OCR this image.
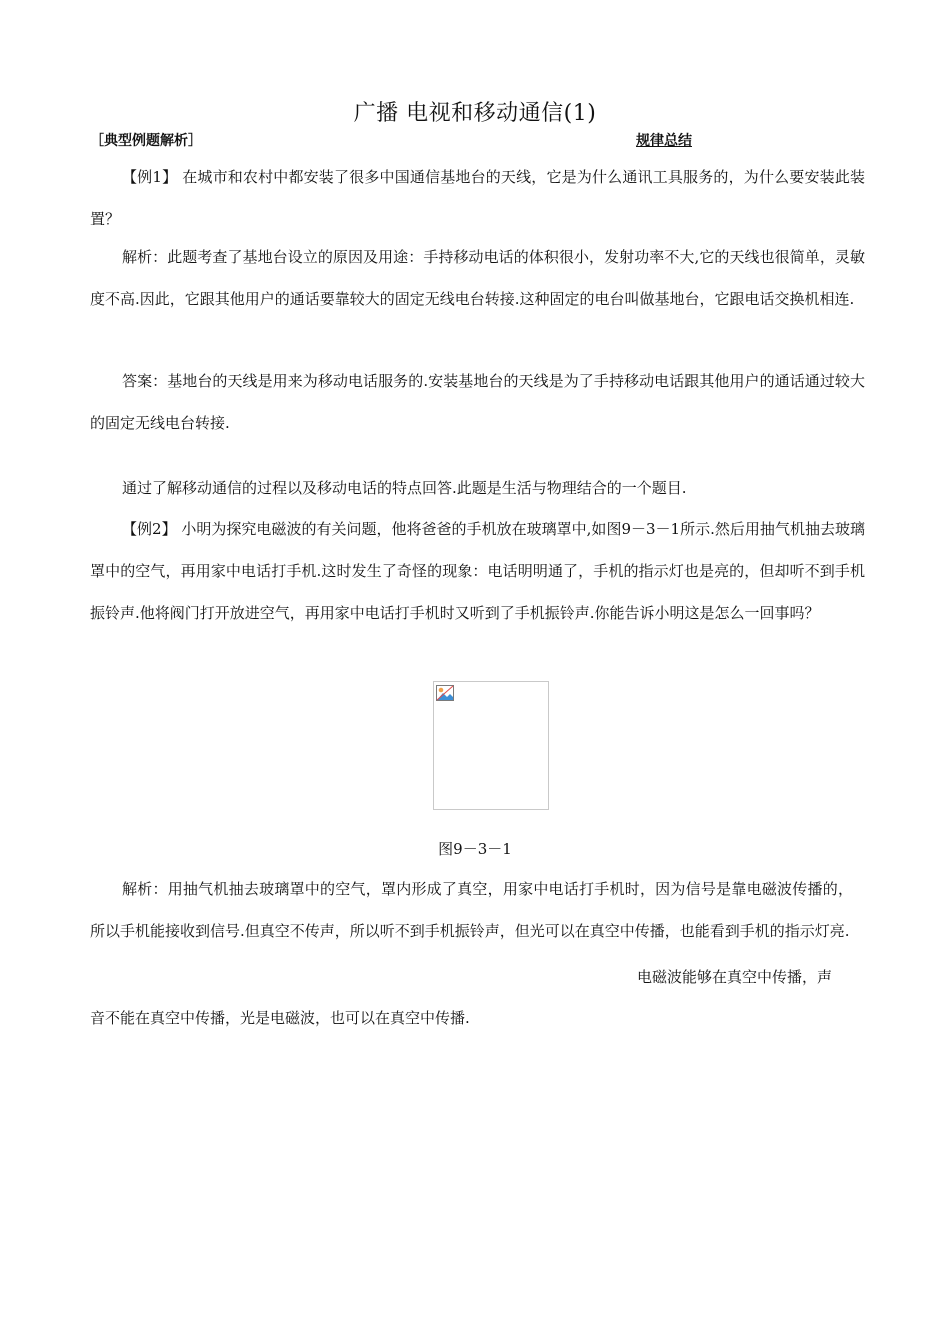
广播 电视和移动通信(1)
［典型例题解析］	规律总结
【例1】 在城市和农村中都安装了很多中国通信基地台的天线，它是为什么通讯工具服务的，为什么要安装此装置？
解析：此题考查了基地台设立的原因及用途：手持移动电话的体积很小，发射功率不大,它的天线也很简单，灵敏度不高.因此，它跟其他用户的通话要靠较大的固定无线电台转接.这种固定的电台叫做基地台，它跟电话交换机相连.
答案：基地台的天线是用来为移动电话服务的.安装基地台的天线是为了手持移动电话跟其他用户的通话通过较大的固定无线电台转接.
通过了解移动通信的过程以及移动电话的特点回答.此题是生活与物理结合的一个题目.
【例2】 小明为探究电磁波的有关问题，他将爸爸的手机放在玻璃罩中,如图9－3－1所示.然后用抽气机抽去玻璃罩中的空气，再用家中电话打手机.这时发生了奇怪的现象：电话明明通了，手机的指示灯也是亮的，但却听不到手机振铃声.他将阀门打开放进空气，再用家中电话打手机时又听到了手机振铃声.你能告诉小明这是怎么一回事吗？
图9－3－1
解析：用抽气机抽去玻璃罩中的空气，罩内形成了真空，用家中电话打手机时，因为信号是靠电磁波传播的，所以手机能接收到信号.但真空不传声，所以听不到手机振铃声，但光可以在真空中传播，也能看到手机的指示灯亮.
电磁波能够在真空中传播，声
音不能在真空中传播，光是电磁波，也可以在真空中传播.
